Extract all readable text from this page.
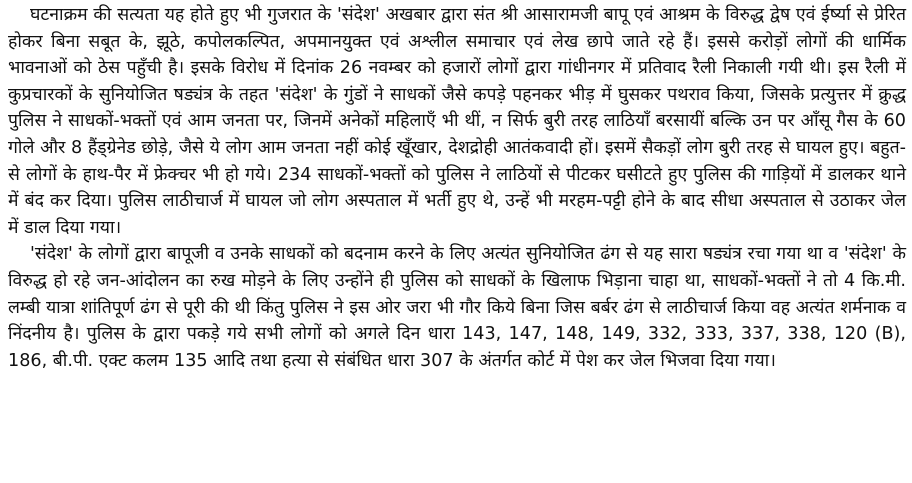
घटनाक्रम की सत्यता यह होते हुए भी गुजरात के 'संदेश' अखबार द्वारा संत श्री आसारामजी बापू एवं आश्रम के विरुद्ध द्वेष एवं ईर्ष्या से प्रेरित होकर बिना सबूत के, झूठे, कपोलकल्पित, अपमानयुक्त एवं अश्लील समाचार एवं लेख छापे जाते रहे हैं। इससे करोड़ों लोगों की धार्मिक भावनाओं को ठेस पहुँची है। इसके विरोध में दिनांक 26 नवम्बर को हजारों लोगों द्वारा गांधीनगर में प्रतिवाद रैली निकाली गयी थी। इस रैली में कुप्रचारकों के सुनियोजित षड्यंत्र के तहत 'संदेश' के गुंडों ने साधकों जैसे कपड़े पहनकर भीड़ में घुसकर पथराव किया, जिसके प्रत्युत्तर में क्रुद्ध पुलिस ने साधकों-भक्तों एवं आम जनता पर, जिनमें अनेकों महिलाएँ भी थीं, न सिर्फ बुरी तरह लाठियाँ बरसायीं बल्कि उन पर आँसू गैस के 60 गोले और 8 हैंड्ग्रेनेड छोड़े, जैसे ये लोग आम जनता नहीं कोई खूँखार, देशद्रोही आतंकवादी हों। इसमें सैकड़ों लोग बुरी तरह से घायल हुए। बहुत-से लोगों के हाथ-पैर में फ्रेक्चर भी हो गये। 234 साधकों-भक्तों को पुलिस ने लाठियों से पीटकर घसीटते हुए पुलिस की गाड़ियों में डालकर थाने में बंद कर दिया। पुलिस लाठीचार्ज में घायल जो लोग अस्पताल में भर्ती हुए थे, उन्हें भी मरहम-पट्टी होने के बाद सीधा अस्पताल से उठाकर जेल में डाल दिया गया।

'संदेश' के लोगों द्वारा बापूजी व उनके साधकों को बदनाम करने के लिए अत्यंत सुनियोजित ढंग से यह सारा षड्यंत्र रचा गया था व 'संदेश' के विरुद्ध हो रहे जन-आंदोलन का रुख मोड़ने के लिए उन्होंने ही पुलिस को साधकों के खिलाफ भिड़ाना चाहा था, साधकों-भक्तों ने तो 4 कि.मी. लम्बी यात्रा शांतिपूर्ण ढंग से पूरी की थी किंतु पुलिस ने इस ओर जरा भी गौर किये बिना जिस बर्बर ढंग से लाठीचार्ज किया वह अत्यंत शर्मनाक व निंदनीय है। पुलिस के द्वारा पकड़े गये सभी लोगों को अगले दिन धारा 143, 147, 148, 149, 332, 333, 337, 338, 120 (B), 186, बी.पी. एक्ट कलम 135 आदि तथा हत्या से संबंधित धारा 307 के अंतर्गत कोर्ट में पेश कर जेल भिजवा दिया गया।
